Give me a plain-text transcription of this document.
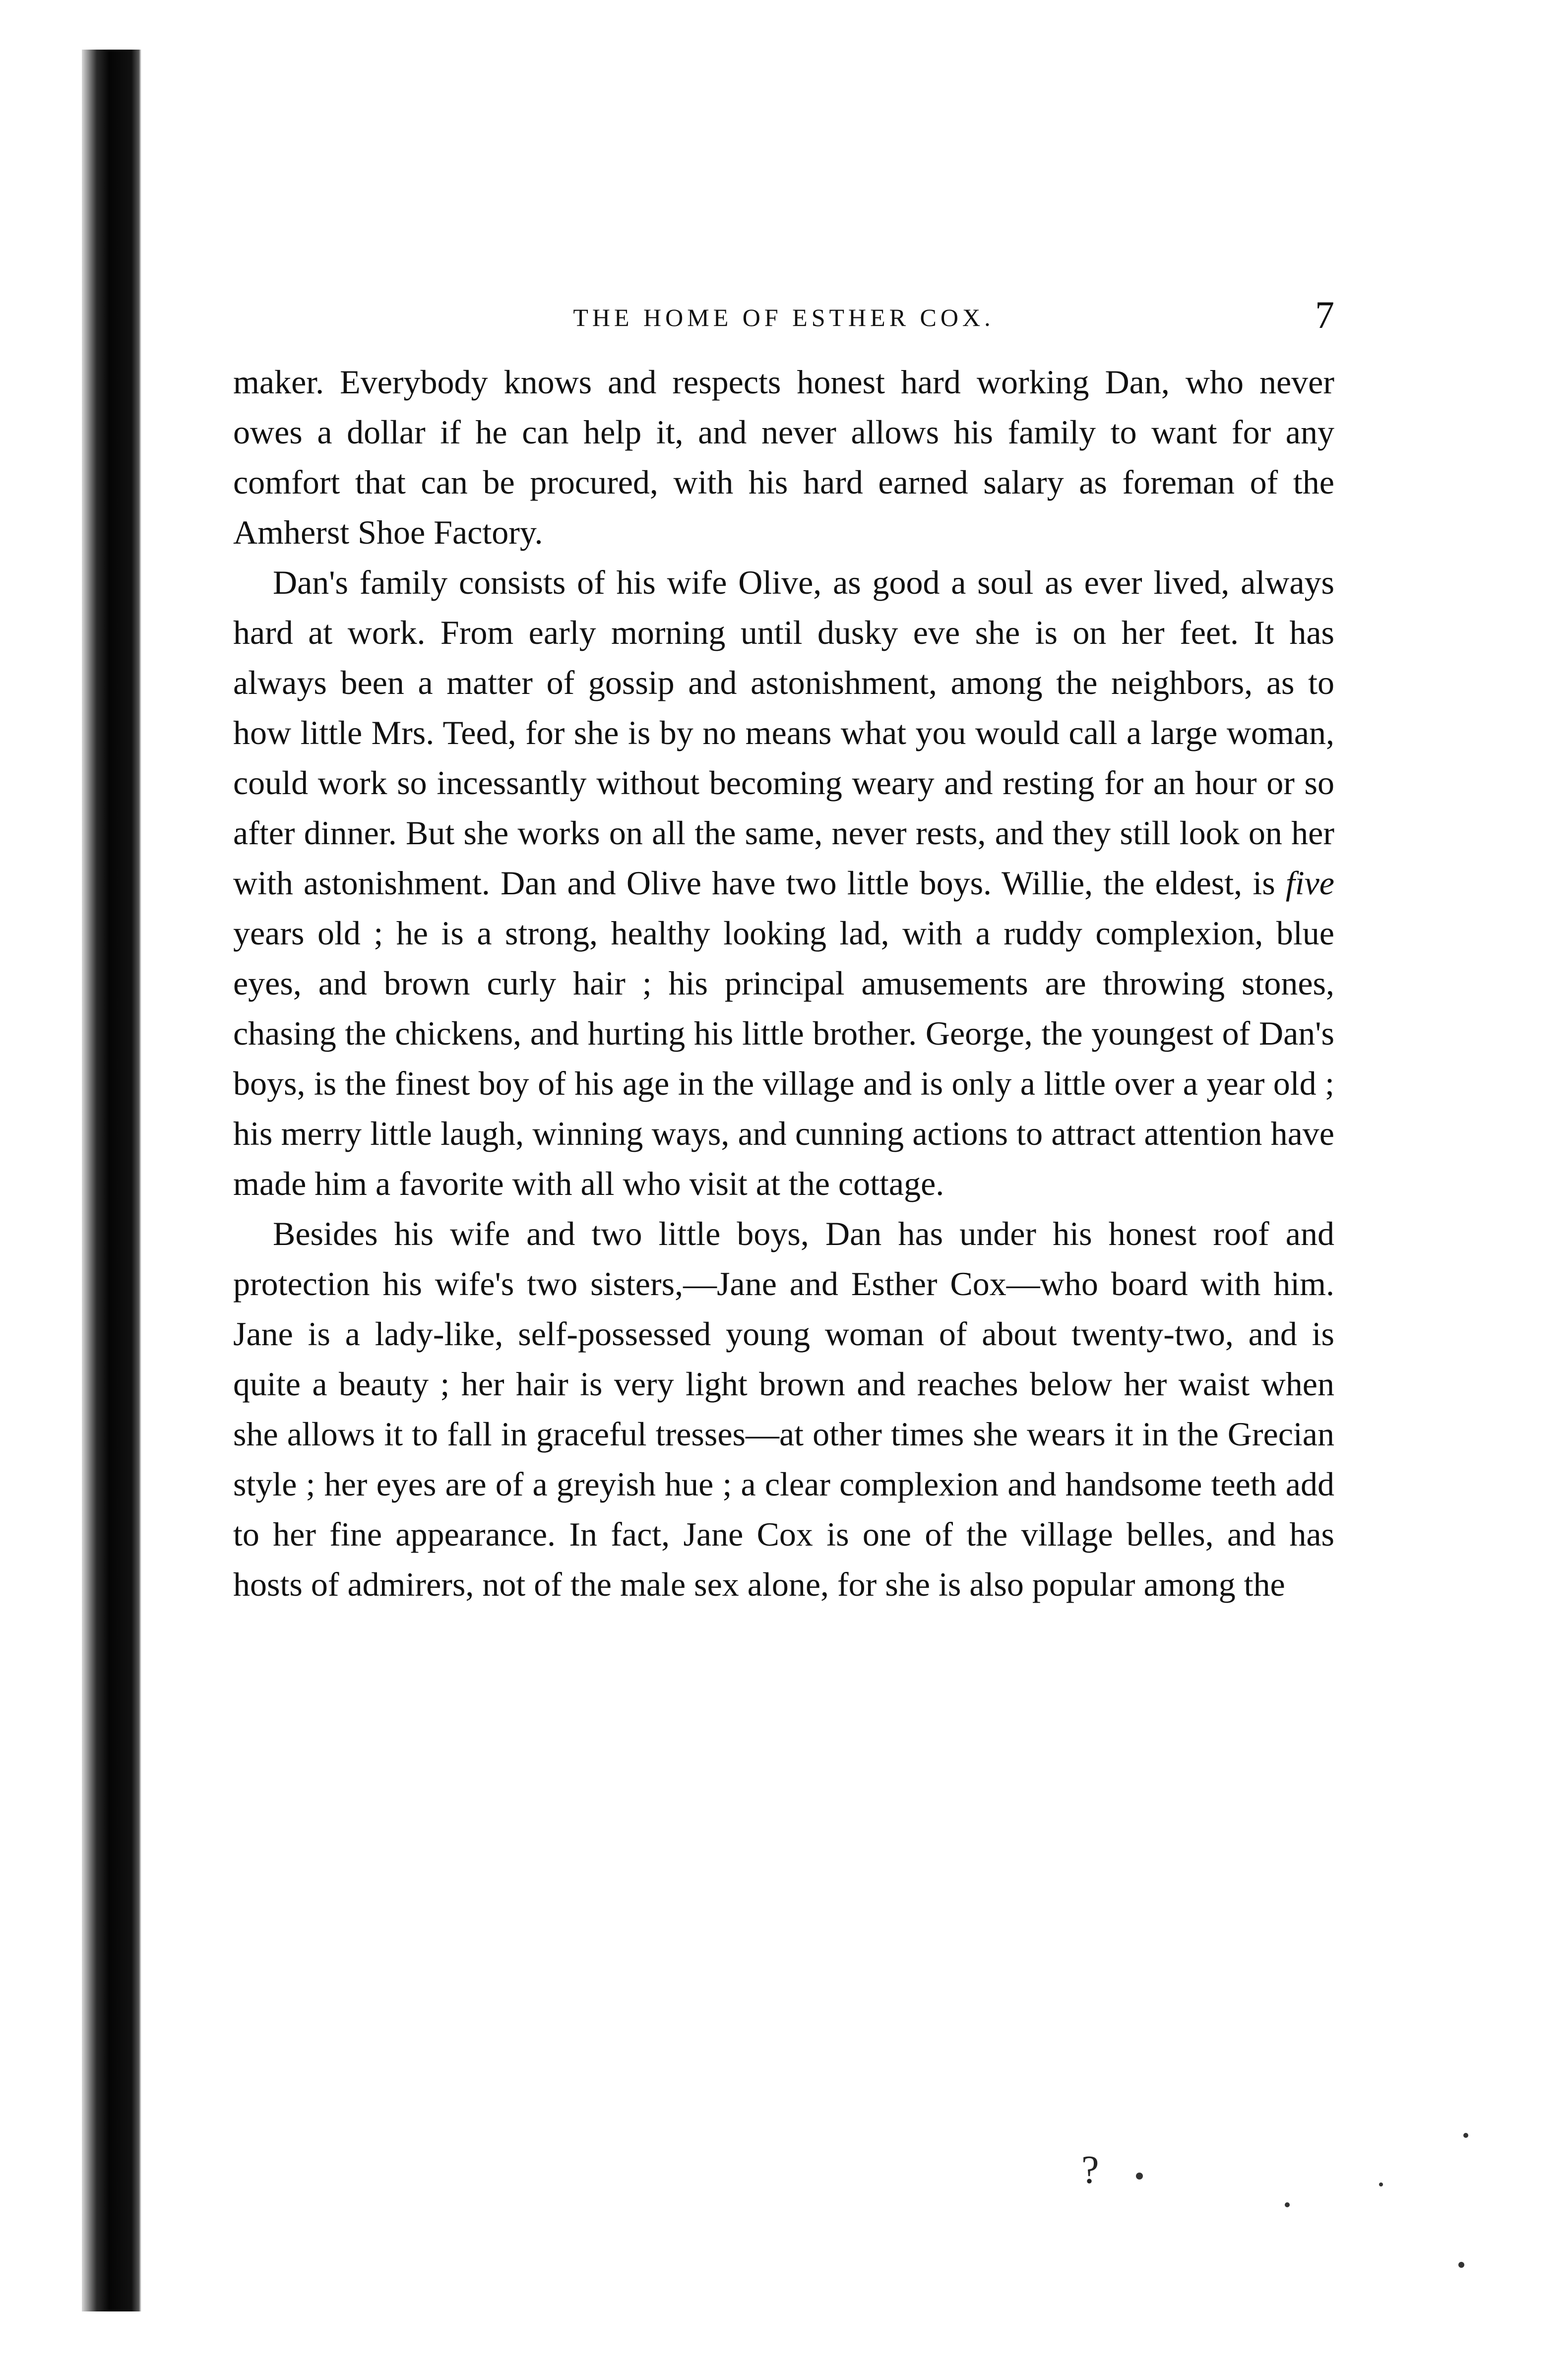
THE HOME OF ESTHER COX.	7

maker. Everybody knows and respects honest hard working Dan, who never owes a dollar if he can help it, and never allows his family to want for any comfort that can be procured, with his hard earned salary as foreman of the Amherst Shoe Factory.

Dan's family consists of his wife Olive, as good a soul as ever lived, always hard at work. From early morning until dusky eve she is on her feet. It has always been a matter of gossip and astonishment, among the neighbors, as to how little Mrs. Teed, for she is by no means what you would call a large woman, could work so incessantly without becoming weary and resting for an hour or so after dinner. But she works on all the same, never rests, and they still look on her with astonishment. Dan and Olive have two little boys. Willie, the eldest, is five years old ; he is a strong, healthy looking lad, with a ruddy complexion, blue eyes, and brown curly hair ; his principal amusements are throwing stones, chasing the chickens, and hurting his little brother. George, the youngest of Dan's boys, is the finest boy of his age in the village and is only a little over a year old ; his merry little laugh, winning ways, and cunning actions to attract attention have made him a favorite with all who visit at the cottage.

Besides his wife and two little boys, Dan has under his honest roof and protection his wife's two sisters,—Jane and Esther Cox—who board with him. Jane is a lady-like, self-possessed young woman of about twenty-two, and is quite a beauty ; her hair is very light brown and reaches below her waist when she allows it to fall in graceful tresses—at other times she wears it in the Grecian style ; her eyes are of a greyish hue ; a clear complexion and handsome teeth add to her fine appearance. In fact, Jane Cox is one of the village belles, and has hosts of admirers, not of the male sex alone, for she is also popular among the

?
